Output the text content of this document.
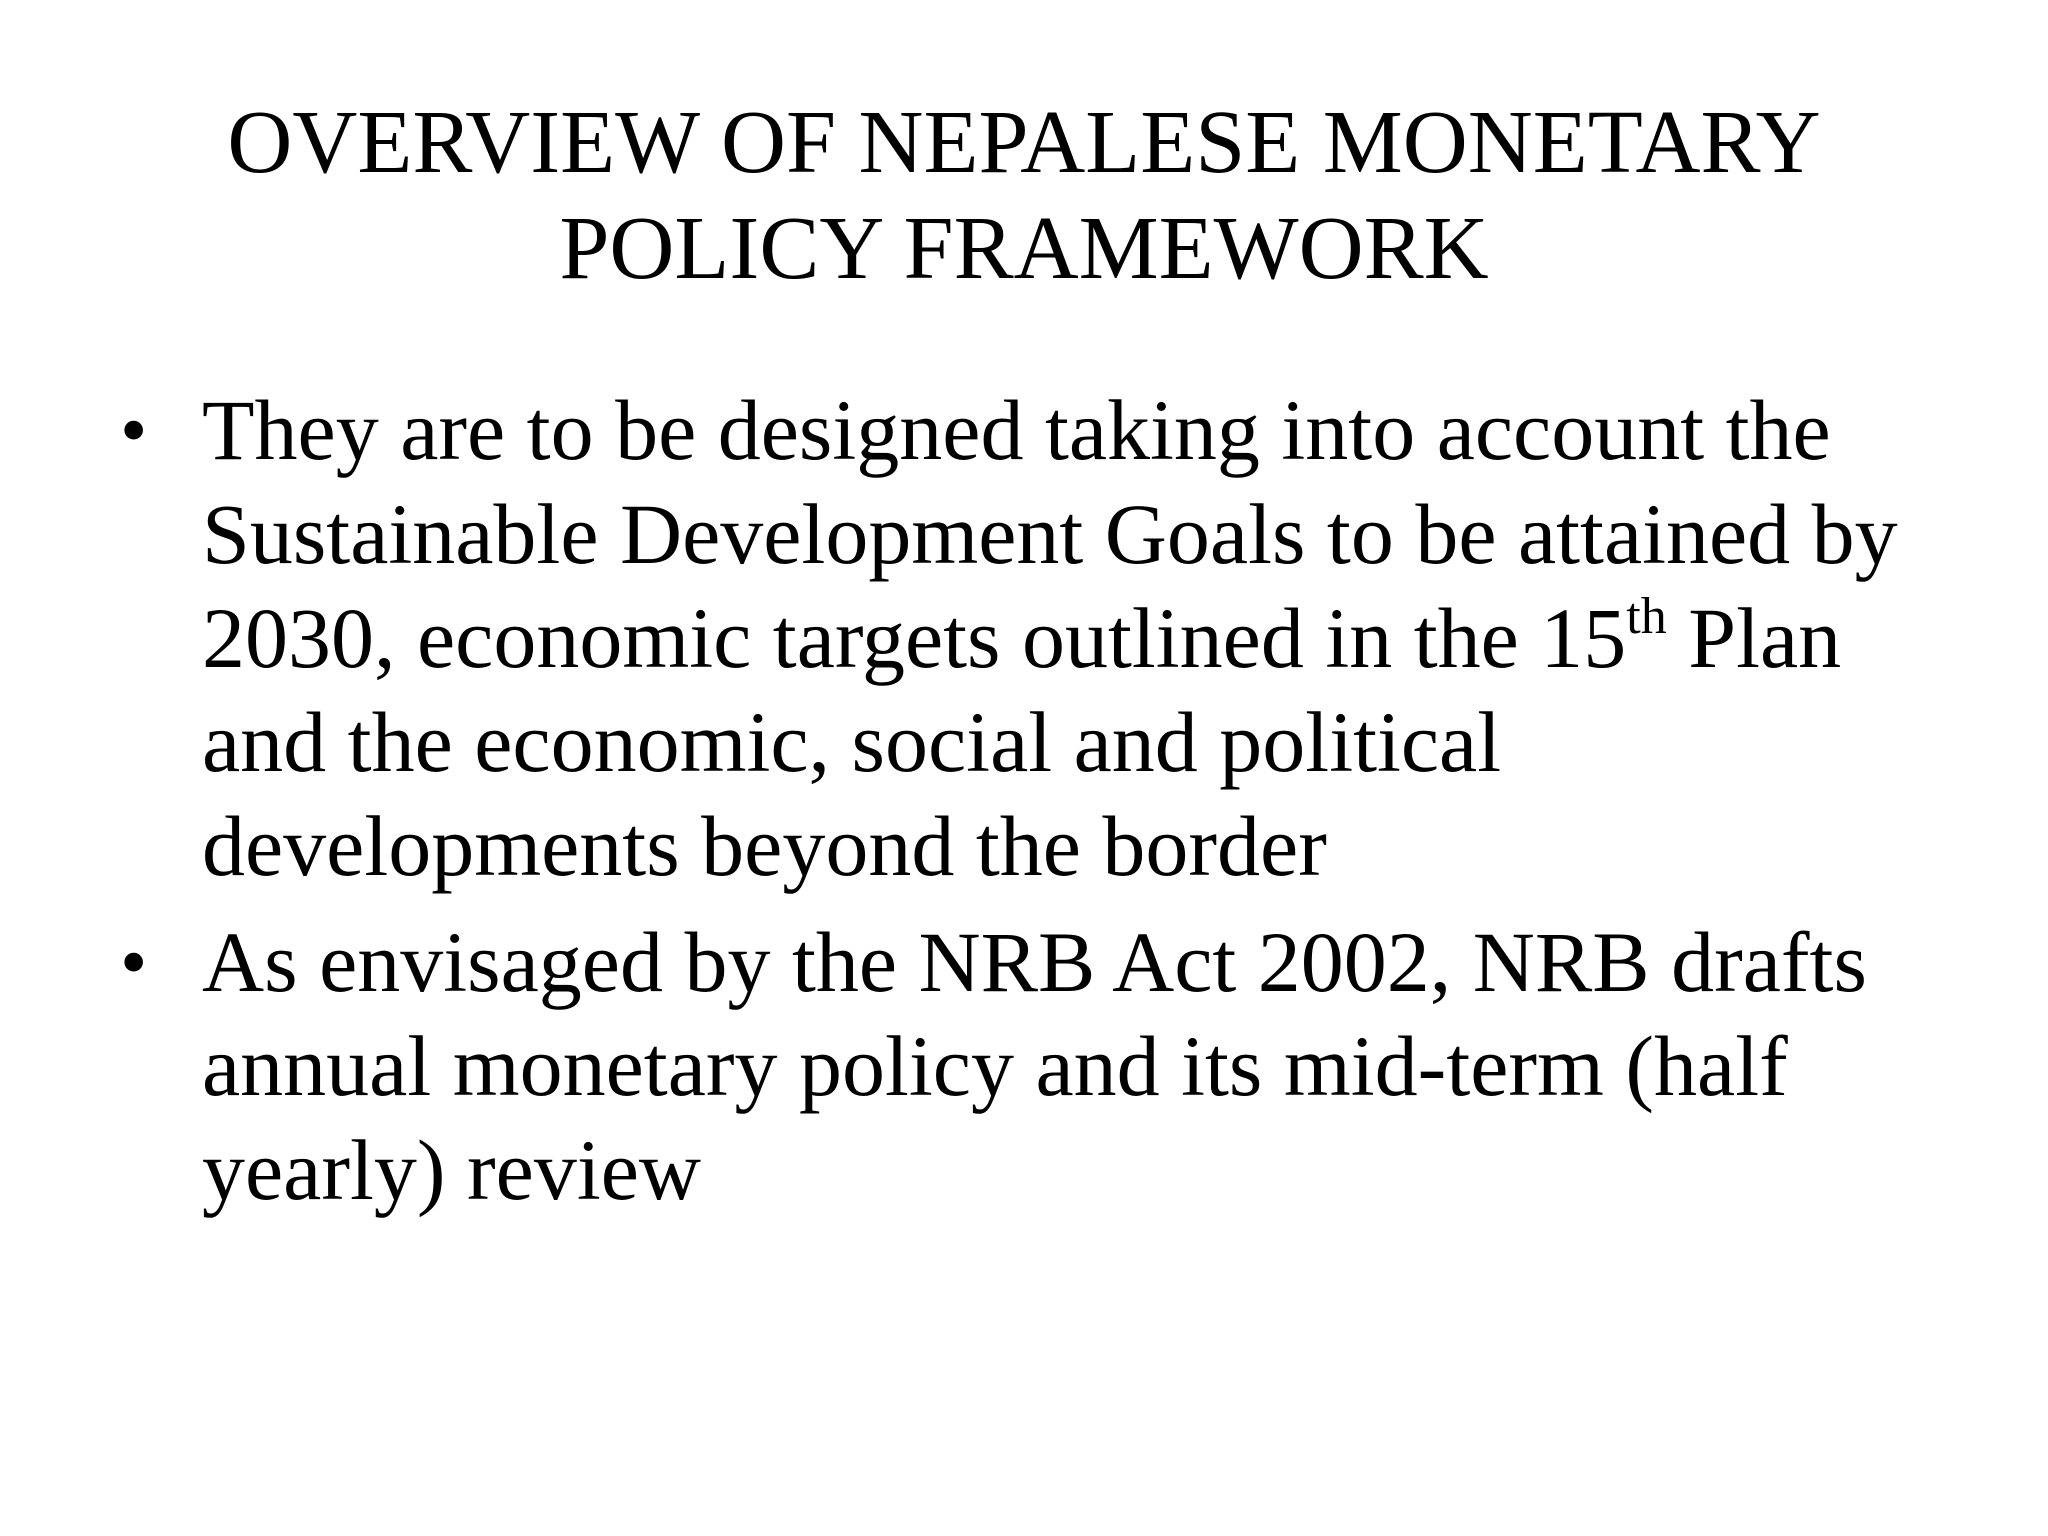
OVERVIEW OF NEPALESE MONETARY
POLICY FRAMEWORK
• They are to be designed taking into account the
Sustainable Development Goals to be attained by
2030, economic targets outlined in the 15th Plan
and the economic, social and political
developments beyond the border
• As envisaged by the NRB Act 2002, NRB drafts
annual monetary policy and its mid-term (half
yearly) review
